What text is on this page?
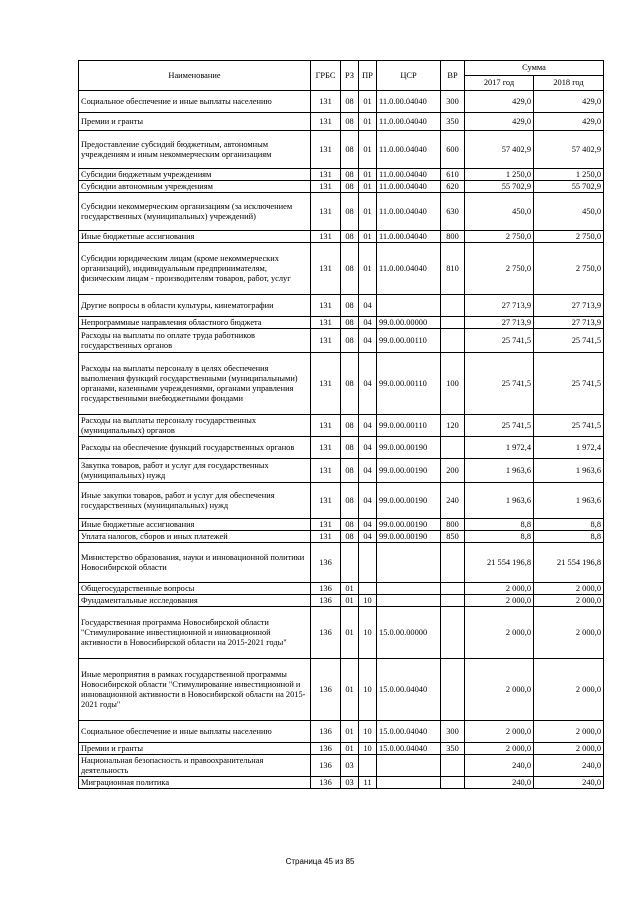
Наименование	ГРБС	РЗ	ПР	ЦСР	ВР	Сумма	
						2017 год	2018 год
Социальное обеспечение и иные выплаты населению	131	08	01	11.0.00.04040	300	429,0	429,0
Премии и гранты	131	08	01	11.0.00.04040	350	429,0	429,0
Предоставление субсидий бюджетным, автономным учреждениям и иным некоммерческим организациям	131	08	01	11.0.00.04040	600	57 402,9	57 402,9
Субсидии бюджетным учреждениям	131	08	01	11.0.00.04040	610	1 250,0	1 250,0
Субсидии автономным учреждениям	131	08	01	11.0.00.04040	620	55 702,9	55 702,9
Субсидии некоммерческим организациям (за исключением государственных (муниципальных) учреждений)	131	08	01	11.0.00.04040	630	450,0	450,0
Иные бюджетные ассигнования	131	08	01	11.0.00.04040	800	2 750,0	2 750,0
Субсидии юридическим лицам (кроме некоммерческих организаций), индивидуальным предпринимателям, физическим лицам - производителям товаров, работ, услуг	131	08	01	11.0.00.04040	810	2 750,0	2 750,0
Другие вопросы в области культуры, кинематографии	131	08	04			27 713,9	27 713,9
Непрограммные направления областного бюджета	131	08	04	99.0.00.00000		27 713,9	27 713,9
Расходы на выплаты по оплате труда работников государственных органов	131	08	04	99.0.00.00110		25 741,5	25 741,5
Расходы на выплаты персоналу в целях обеспечения выполнения функций государственными (муниципальными) органами, казенными учреждениями, органами управления государственными внебюджетными фондами	131	08	04	99.0.00.00110	100	25 741,5	25 741,5
Расходы на выплаты персоналу государственных (муниципальных) органов	131	08	04	99.0.00.00110	120	25 741,5	25 741,5
Расходы на обеспечение функций государственных органов	131	08	04	99.0.00.00190		1 972,4	1 972,4
Закупка товаров, работ и услуг для государственных (муниципальных) нужд	131	08	04	99.0.00.00190	200	1 963,6	1 963,6
Иные закупки товаров, работ и услуг для обеспечения государственных (муниципальных) нужд	131	08	04	99.0.00.00190	240	1 963,6	1 963,6
Иные бюджетные ассигнования	131	08	04	99.0.00.00190	800	8,8	8,8
Уплата налогов, сборов и иных платежей	131	08	04	99.0.00.00190	850	8,8	8,8
Министерство образования, науки и инновационной политики Новосибирской области	136					21 554 196,8	21 554 196,8
Общегосударственные вопросы	136	01				2 000,0	2 000,0
Фундаментальные исследования	136	01	10			2 000,0	2 000,0
Государственная программа Новосибирской области "Стимулирование инвестиционной и инновационной активности в Новосибирской области на 2015-2021 годы"	136	01	10	15.0.00.00000		2 000,0	2 000,0
Иные мероприятия в рамках государственной программы Новосибирской области "Стимулирование инвестиционной и инновационной активности в Новосибирской области на 2015-2021 годы"	136	01	10	15.0.00.04040		2 000,0	2 000,0
Социальное обеспечение и иные выплаты населению	136	01	10	15.0.00.04040	300	2 000,0	2 000,0
Премии и гранты	136	01	10	15.0.00.04040	350	2 000,0	2 000,0
Национальная безопасность и правоохранительная деятельность	136	03				240,0	240,0
Миграционная политика	136	03	11			240,0	240,0
Страница 45 из 85
